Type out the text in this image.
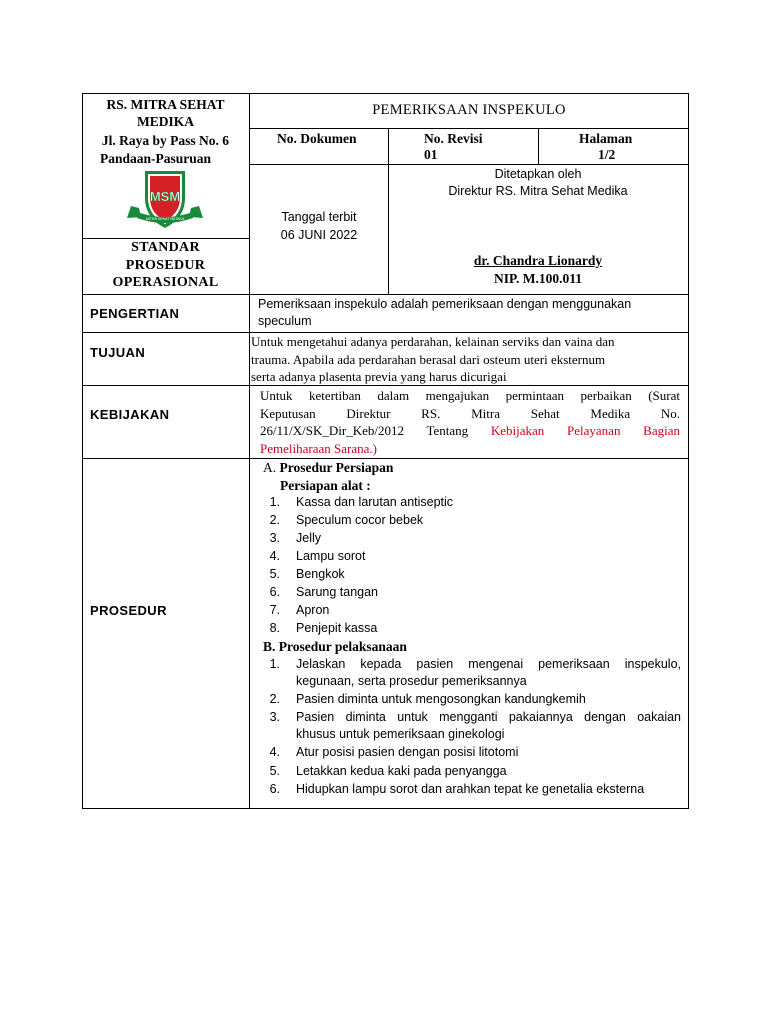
RS. MITRA SEHAT
MEDIKA
Jl. Raya by Pass No. 6
Pandaan-Pasuruan
MSM
MITRA SEHAT MEDIKA
STANDAR
PROSEDUR
OPERASIONAL
PEMERIKSAAN INSPEKULO
No. Dokumen	No. Revisi
01
Halaman
1/2
Tanggal terbit
06 JUNI 2022
Ditetapkan oleh
Direktur RS. Mitra Sehat Medika
dr. Chandra Lionardy
NIP. M.100.011
PENGERTIAN
Pemeriksaan inspekulo adalah pemeriksaan dengan menggunakan
speculum
TUJUAN
Untuk mengetahui adanya perdarahan, kelainan serviks dan vaina dan
trauma. Apabila ada perdarahan berasal dari osteum uteri eksternum
serta adanya plasenta previa yang harus dicurigai
KEBIJAKAN
Untuk ketertiban dalam mengajukan permintaan perbaikan (Surat
Keputusan Direktur RS. Mitra Sehat Medika No.
26/11/X/SK_Dir_Keb/2012 Tentang Kebijakan Pelayanan Bagian
Pemeliharaan Sarana.)
PROSEDUR
A. Prosedur Persiapan
Persiapan alat :
1. Kassa dan larutan antiseptic
2. Speculum cocor bebek
3. Jelly
4. Lampu sorot
5. Bengkok
6. Sarung tangan
7. Apron
8. Penjepit kassa
B. Prosedur pelaksanaan
1. Jelaskan kepada pasien mengenai pemeriksaan inspekulo,
kegunaan, serta prosedur pemeriksannya
2. Pasien diminta untuk mengosongkan kandungkemih
3. Pasien diminta untuk mengganti pakaiannya dengan oakaian
khusus untuk pemeriksaan ginekologi
4. Atur posisi pasien dengan posisi litotomi
5. Letakkan kedua kaki pada penyangga
6. Hidupkan lampu sorot dan arahkan tepat ke genetalia eksterna
